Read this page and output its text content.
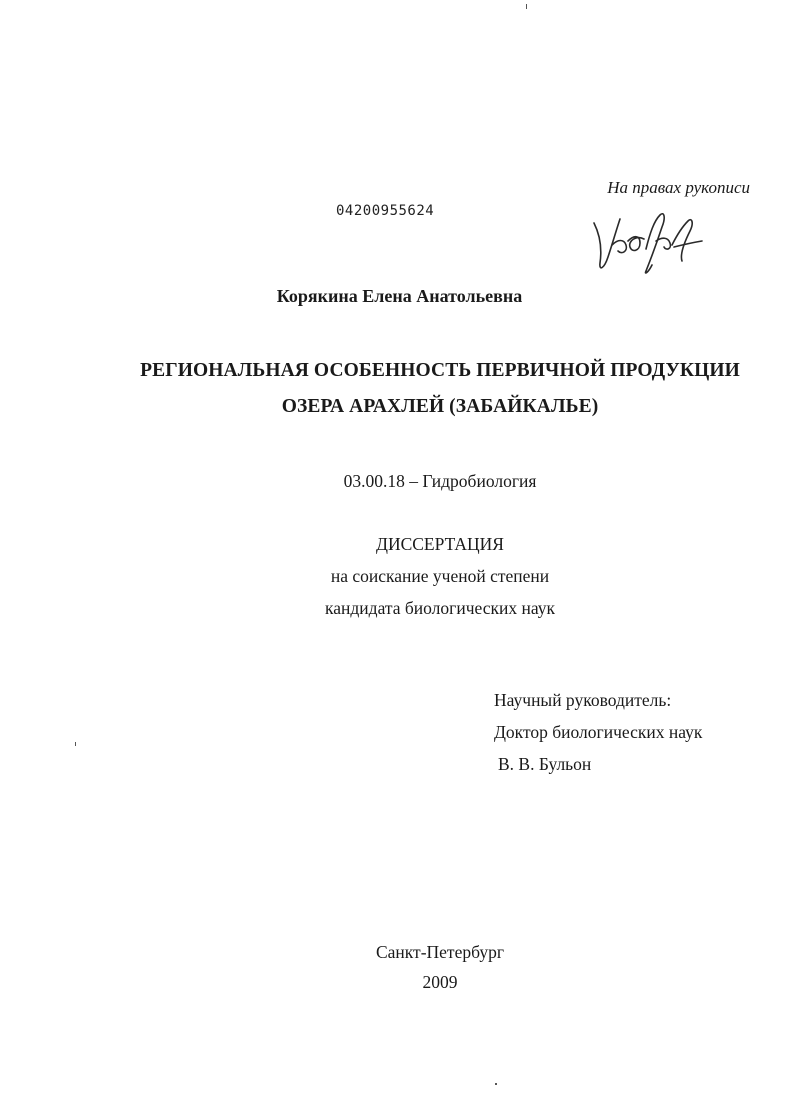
На правах рукописи

04200955624

Корякина Елена Анатольевна

РЕГИОНАЛЬНАЯ ОСОБЕННОСТЬ ПЕРВИЧНОЙ ПРОДУКЦИИ

ОЗЕРА АРАХЛЕЙ (ЗАБАЙКАЛЬЕ)

03.00.18 – Гидробиология

ДИССЕРТАЦИЯ

на соискание ученой степени

кандидата биологических наук

Научный руководитель:

Доктор биологических наук

В. В. Бульон

Санкт-Петербург

2009
